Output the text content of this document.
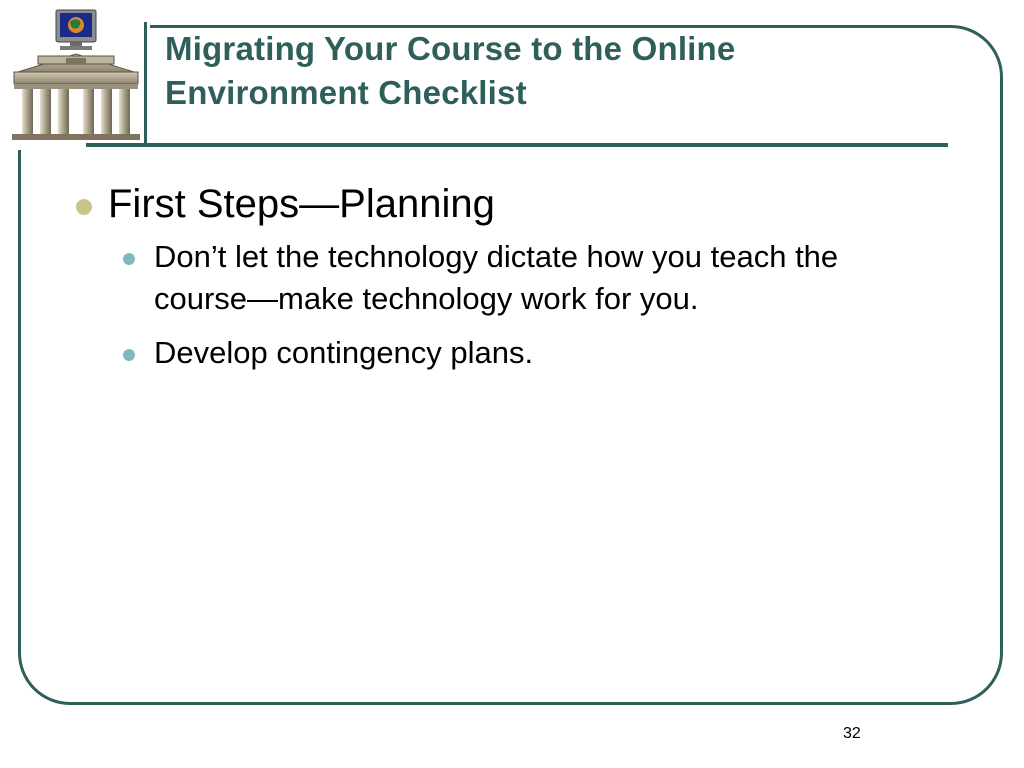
Migrating Your Course to the Online Environment Checklist
First Steps—Planning
Don’t let the technology dictate how you teach the course—make technology work for you.
Develop contingency plans.
32
